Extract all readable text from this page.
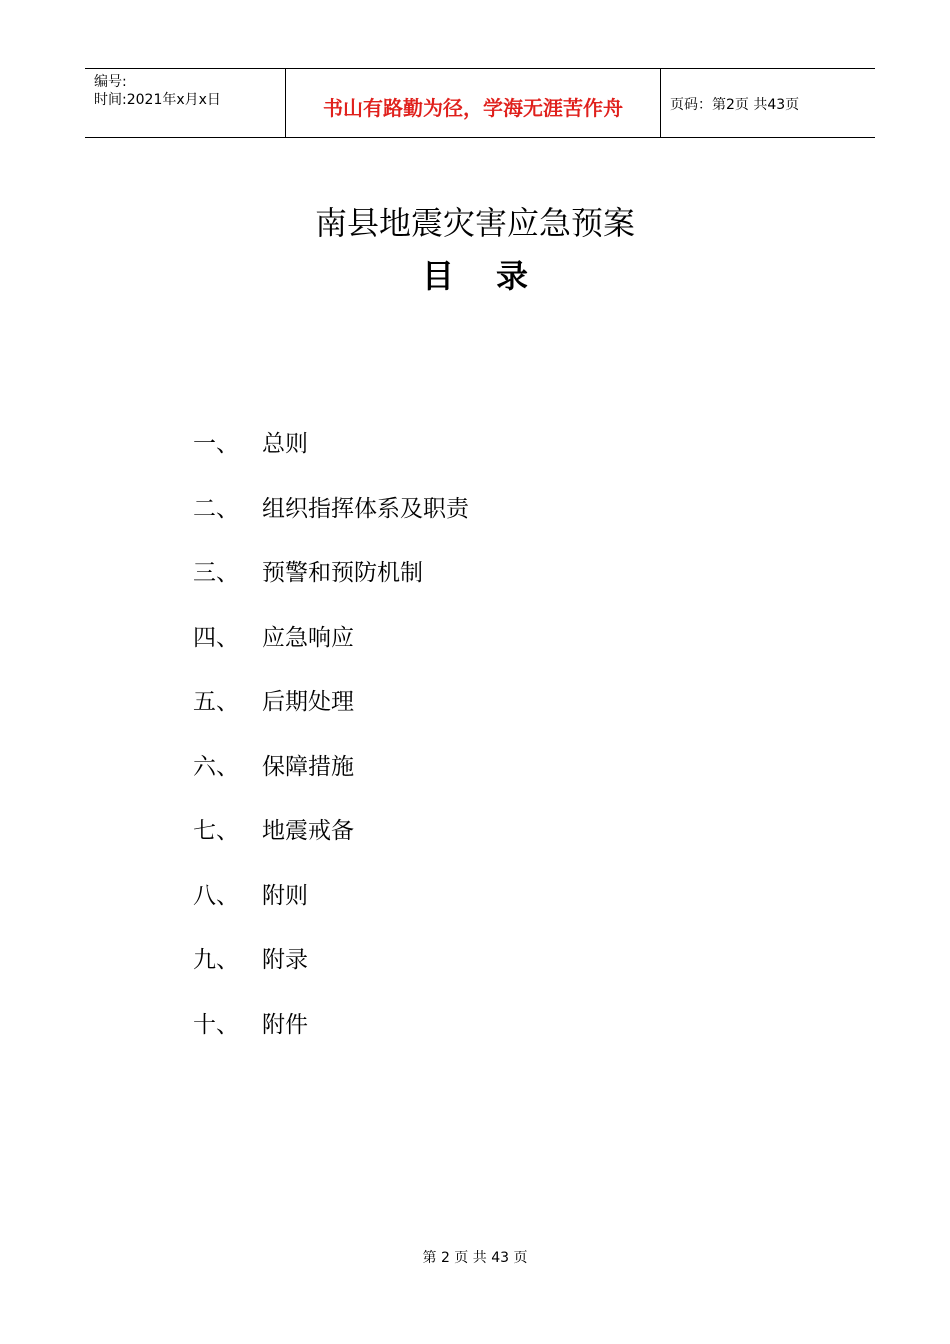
编号:
时间:2021年x月x日	书山有路勤为径，学海无涯苦作舟	页码：第2页 共43页
南县地震灾害应急预案
目录
一、 总则
二、 组织指挥体系及职责
三、 预警和预防机制
四、 应急响应
五、 后期处理
六、 保障措施
七、 地震戒备
八、 附则
九、 附录
十、 附件
第 2 页 共 43 页
